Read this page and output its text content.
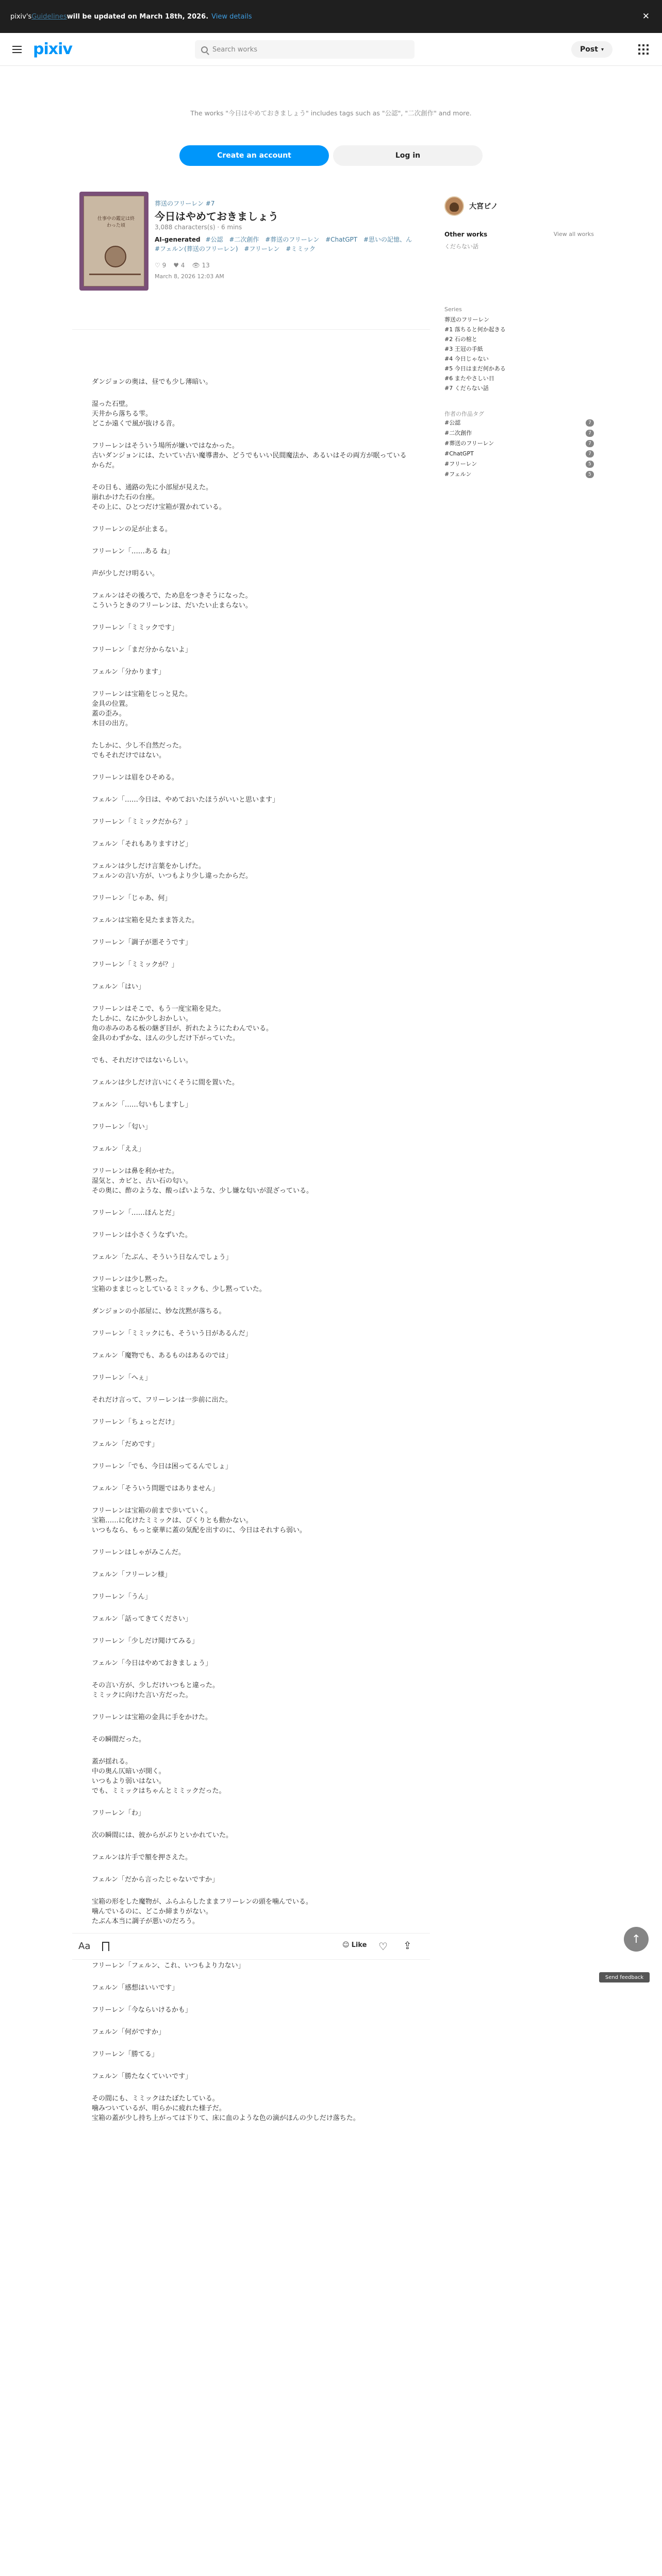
pixiv's Guidelines will be updated on March 18th, 2026. View details	✕
pixiv	Search works	Post ▾
The works "今日はやめておきましょう" includes tags such as "公認", "二次創作" and more.
Create an account	Log in
仕事中の鑑定は終わった頃
葬送のフリーレン #7
今日はやめておきましょう
3,088 characters(s) · 6 mins
AI-generated #公認 #二次創作 #葬送のフリーレン #ChatGPT #思いの記憶、ん #フェルン(葬送のフリーレン) #フリーレン #ミミック
♡ 9 ♥ 4 👁 13
March 8, 2026 12:03 AM

ダンジョンの奥は、昼でも少し薄暗い。

湿った石壁。
天井から落ちる雫。
どこか遠くで風が抜ける音。

フリーレンはそういう場所が嫌いではなかった。
古いダンジョンには、たいてい古い魔導書か、どうでもいい民間魔法か、あるいはその両方が眠っているからだ。

その日も、通路の先に小部屋が見えた。
崩れかけた石の台座。
その上に、ひとつだけ宝箱が置かれている。

フリーレンの足が止まる。

フリーレン「……ある ね」

声が少しだけ明るい。

フェルンはその後ろで、ため息をつきそうになった。
こういうときのフリーレンは、だいたい止まらない。

フリーレン「ミミックです」

フリーレン「まだ分からないよ」

フェルン「分かります」

フリーレンは宝箱をじっと見た。
金具の位置。
蓋の歪み。
木目の出方。

たしかに、少し不自然だった。
でもそれだけではない。

フリーレンは眉をひそめる。

フェルン「……今日は、やめておいたほうがいいと思います」

フリーレン「ミミックだから？」

フェルン「それもありますけど」

フェルンは少しだけ言葉をかしげた。
フェルンの言い方が、いつもより少し違ったからだ。

フリーレン「じゃあ、何」

フェルンは宝箱を見たまま答えた。

フリーレン「調子が悪そうです」

フリーレン「ミミックが？」

フェルン「はい」

フリーレンはそこで、もう一度宝箱を見た。
たしかに、なにか少しおかしい。
角の赤みのある板の継ぎ目が、折れたようにたわんでいる。
金具のわずかな、ほんの少しだけ下がっていた。

でも、それだけではないらしい。

フェルンは少しだけ言いにくそうに間を置いた。

フェルン「……匂いもしますし」

フリーレン「匂い」

フェルン「ええ」

フリーレンは鼻を利かせた。
湿気と、カビと、古い石の匂い。
その奥に、酢のような、酸っぱいような、少し嫌な匂いが混ざっている。

フリーレン「……ほんとだ」

フリーレンは小さくうなずいた。

フェルン「たぶん、そういう日なんでしょう」

フリーレンは少し黙った。
宝箱のままじっとしているミミックも、少し黙っていた。

ダンジョンの小部屋に、妙な沈黙が落ちる。

フリーレン「ミミックにも、そういう日があるんだ」

フェルン「魔物でも、あるものはあるのでは」

フリーレン「へぇ」

それだけ言って、フリーレンは一歩前に出た。

フリーレン「ちょっとだけ」

フェルン「だめです」

フリーレン「でも、今日は困ってるんでしょ」

フェルン「そういう問題ではありません」

フリーレンは宝箱の前まで歩いていく。
宝箱……に化けたミミックは、ぴくりとも動かない。
いつもなら、もっと豪華に蓋の気配を出すのに、今日はそれすら弱い。

フリーレンはしゃがみこんだ。

フェルン「フリーレン様」

フリーレン「うん」

フェルン「話ってきてください」

フリーレン「少しだけ聞けてみる」

フェルン「今日はやめておきましょう」

その言い方が、少しだけいつもと違った。
ミミックに向けた言い方だった。

フリーレンは宝箱の金具に手をかけた。

その瞬間だった。

蓋が揺れる。
中の奥ん仄暗いが開く。
いつもより弱いはない。
でも、ミミックはちゃんとミミックだった。

フリーレン「わ」

次の瞬間には、彼からがぶりといかれていた。

フェルンは片手で額を押さえた。

フェルン「だから言ったじゃないですか」

宝箱の形をした魔物が、ふらふらしたままフリーレンの頭を噛んでいる。
噛んでいるのに、どこか締まりがない。
たぶん本当に調子が悪いのだろう。

フリーレン「フェルン、これ、いつもより力ない」

フェルン「感想はいいです」

フリーレン「今ならいけるかも」

フェルン「何がですか」

フリーレン「勝てる」

フェルン「勝たなくていいです」

その間にも、ミミックはたぼたしている。
噛みついているが、明らかに疲れた様子だ。
宝箱の蓋が少し持ち上がっては下りて、床に血のような色の滴がほんの少しだけ落ちた。

Aa	☺ Like ♡ ⇪
大宮ピノ
Other works	View all works
くだらない話
Series
葬送のフリーレン
#1 落ちると何か起きる
#2 石の棺と
#3 王冠の手紙
#4 今日じゃない
#5 今日はまだ何かある
#6 またやさしい日
#7 くだらない話
作者の作品タグ
#公認	7
#二次創作	7
#葬送のフリーレン	7
#ChatGPT	7
#フリーレン	5
#フェルン	5
↑
Send feedback
